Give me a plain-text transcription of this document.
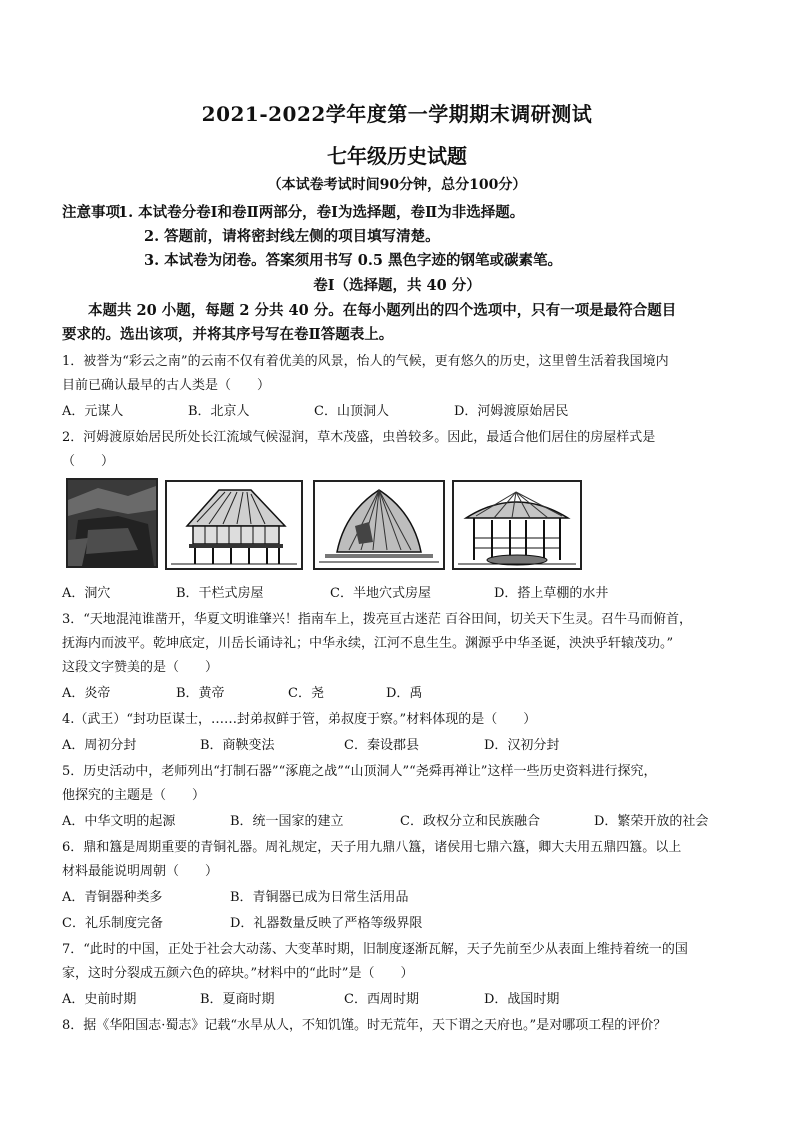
2021-2022学年度第一学期期末调研测试
七年级历史试题
（本试卷考试时间90分钟，总分100分）
注意事项：
1. 本试卷分卷Ⅰ和卷Ⅱ两部分，卷Ⅰ为选择题，卷Ⅱ为非选择题。
2. 答题前，请将密封线左侧的项目填写清楚。
3. 本试卷为闭卷。答案须用书写 0.5 黑色字迹的钢笔或碳素笔。
卷Ⅰ（选择题，共 40 分）
本题共 20 小题，每题 2 分共 40 分。在每小题列出的四个选项中，只有一项是最符合题目
要求的。选出该项，并将其序号写在卷Ⅱ答题表上。
1．被誉为“彩云之南”的云南不仅有着优美的风景，怡人的气候，更有悠久的历史，这里曾生活着我国境内
目前已确认最早的古人类是（　　）
A．元谋人	B．北京人	C．山顶洞人	D．河姆渡原始居民
2．河姆渡原始居民所处长江流域气候湿润，草木茂盛，虫兽较多。因此，最适合他们居住的房屋样式是
（　　）
A．洞穴	B．干栏式房屋	C．半地穴式房屋	D．搭上草棚的水井
3．“天地混沌谁凿开，华夏文明谁肇兴！指南车上，拨亮亘古迷茫 百谷田间，切关天下生灵。召牛马而俯首，
抚海内而波平。乾坤底定，川岳长诵诗礼；中华永续，江河不息生生。渊源乎中华圣诞，泱泱乎轩辕茂功。”
这段文字赞美的是（　　）
A．炎帝	B．黄帝	C．尧	D．禹
4.（武王）“封功臣谋士，……封弟叔鲜于管，弟叔度于察。”材料体现的是（　　）
A．周初分封	B．商鞅变法	C．秦设郡县	D．汉初分封
5．历史活动中，老师列出“打制石器”“涿鹿之战”“山顶洞人”“尧舜再禅让”这样一些历史资料进行探究，
他探究的主题是（　　）
A．中华文明的起源	B．统一国家的建立	C．政权分立和民族融合	D．繁荣开放的社会
6．鼎和簋是周期重要的青铜礼器。周礼规定，天子用九鼎八簋，诸侯用七鼎六簋，卿大夫用五鼎四簋。以上
材料最能说明周朝（　　）
A．青铜器种类多	B．青铜器已成为日常生活用品
C．礼乐制度完备	D．礼器数量反映了严格等级界限
7．“此时的中国，正处于社会大动荡、大变革时期，旧制度逐渐瓦解，天子先前至少从表面上维持着统一的国
家，这时分裂成五颜六色的碎块。”材料中的“此时”是（　　）
A．史前时期	B．夏商时期	C．西周时期	D．战国时期
8．据《华阳国志·蜀志》记载“水旱从人，不知饥馑。时无荒年，天下谓之天府也。”是对哪项工程的评价？
